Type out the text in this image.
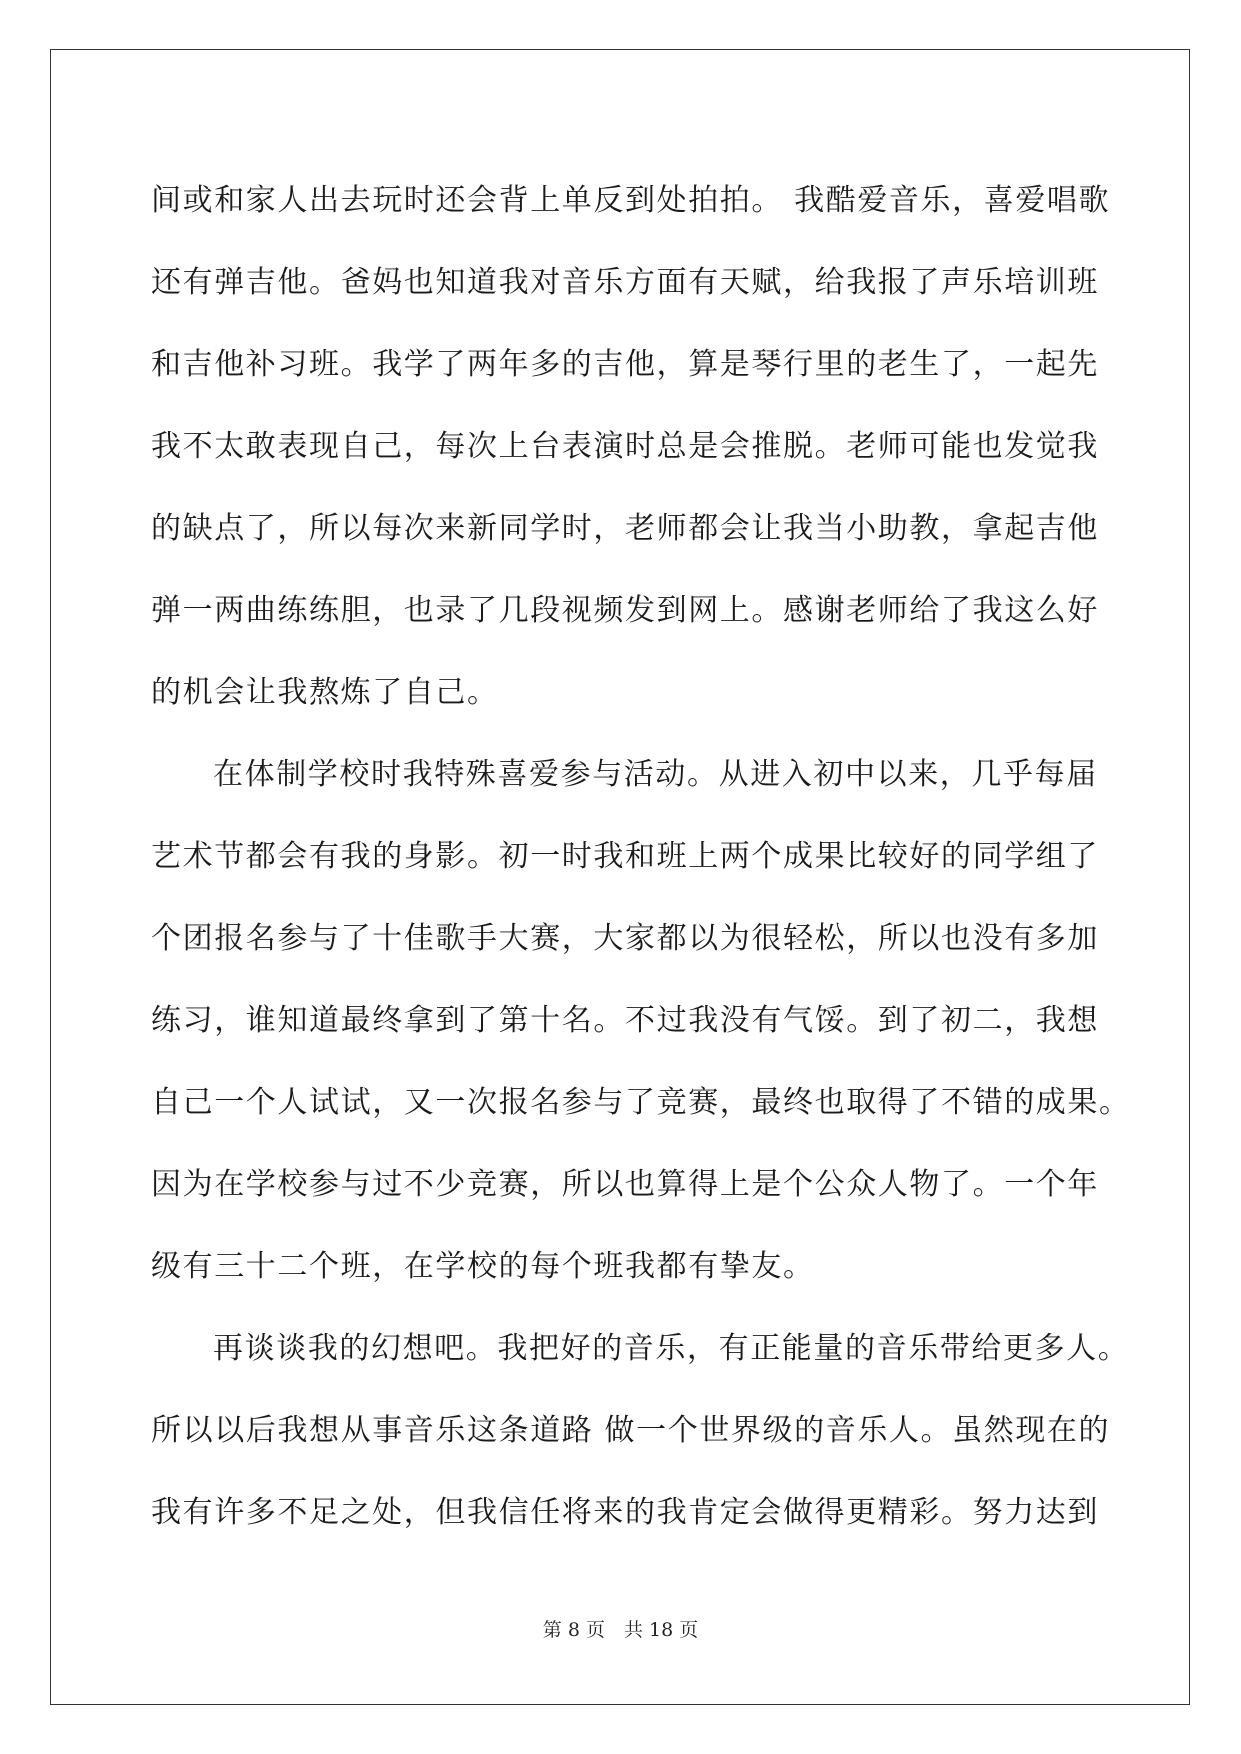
间或和家人出去玩时还会背上单反到处拍拍。 我酷爱音乐，喜爱唱歌
还有弹吉他。爸妈也知道我对音乐方面有天赋，给我报了声乐培训班
和吉他补习班。我学了两年多的吉他，算是琴行里的老生了，一起先
我不太敢表现自己，每次上台表演时总是会推脱。老师可能也发觉我
的缺点了，所以每次来新同学时，老师都会让我当小助教，拿起吉他
弹一两曲练练胆，也录了几段视频发到网上。感谢老师给了我这么好
的机会让我熬炼了自己。
在体制学校时我特殊喜爱参与活动。从进入初中以来，几乎每届
艺术节都会有我的身影。初一时我和班上两个成果比较好的同学组了
个团报名参与了十佳歌手大赛，大家都以为很轻松，所以也没有多加
练习，谁知道最终拿到了第十名。不过我没有气馁。到了初二，我想
自己一个人试试，又一次报名参与了竞赛，最终也取得了不错的成果。
因为在学校参与过不少竞赛，所以也算得上是个公众人物了。一个年
级有三十二个班，在学校的每个班我都有挚友。
再谈谈我的幻想吧。我把好的音乐，有正能量的音乐带给更多人。
所以以后我想从事音乐这条道路 做一个世界级的音乐人。虽然现在的
我有许多不足之处，但我信任将来的我肯定会做得更精彩。努力达到
第 8 页　共 18 页
